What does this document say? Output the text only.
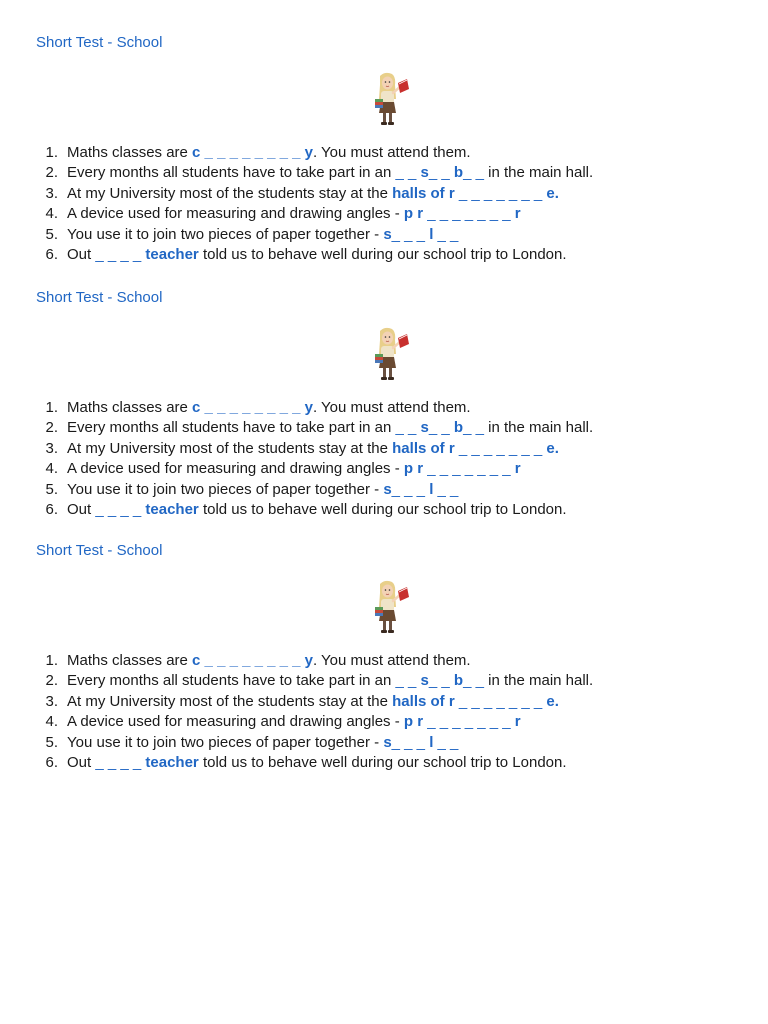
Short Test - School
1. Maths classes are c _ _ _ _ _ _ _ _ y. You must attend them.
2. Every months all students have to take part in an _ _ s_ _ b_ _ in the main hall.
3. At my University most of the students stay at the halls of r _ _ _ _ _ _ _ e.
4. A device used for measuring and drawing angles - p r _ _ _ _ _ _ _ r
5. You use it to join two pieces of paper together - s_ _ _ l _ _
6. Out _ _ _ _ teacher told us to behave well during our school trip to London.
Short Test - School
1. Maths classes are c _ _ _ _ _ _ _ _ y. You must attend them.
2. Every months all students have to take part in an _ _ s_ _ b_ _ in the main hall.
3. At my University most of the students stay at the halls of r _ _ _ _ _ _ _ e.
4. A device used for measuring and drawing angles - p r _ _ _ _ _ _ _ r
5. You use it to join two pieces of paper together - s_ _ _ l _ _
6. Out _ _ _ _ teacher told us to behave well during our school trip to London.
Short Test - School
1. Maths classes are c _ _ _ _ _ _ _ _ y. You must attend them.
2. Every months all students have to take part in an _ _ s_ _ b_ _ in the main hall.
3. At my University most of the students stay at the halls of r _ _ _ _ _ _ _ e.
4. A device used for measuring and drawing angles - p r _ _ _ _ _ _ _ r
5. You use it to join two pieces of paper together - s_ _ _ l _ _
6. Out _ _ _ _ teacher told us to behave well during our school trip to London.
